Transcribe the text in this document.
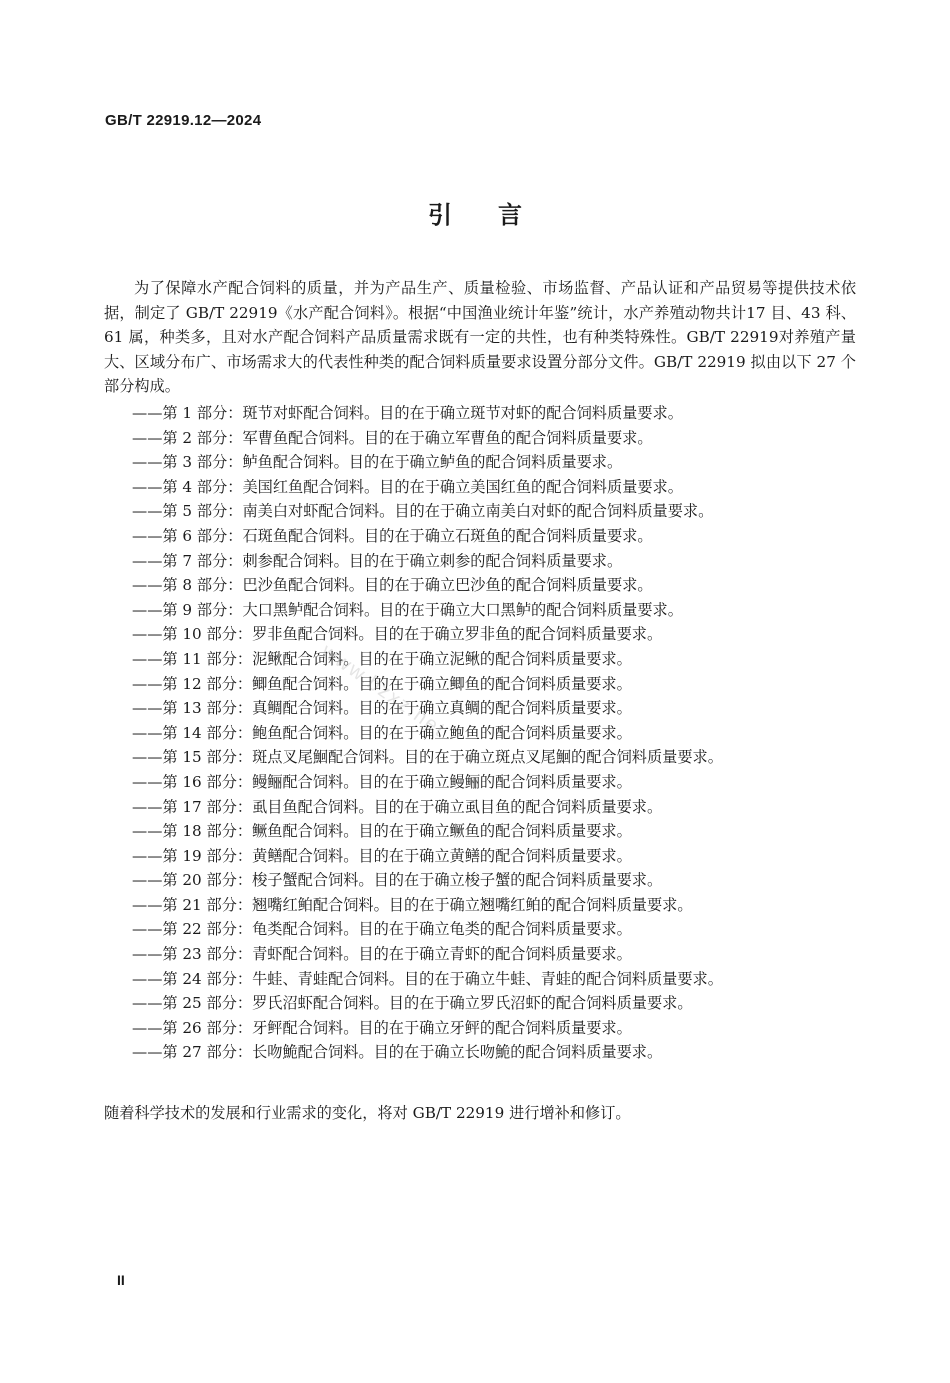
GB/T 22919.12—2024
引言

为了保障水产配合饲料的质量，并为产品生产、质量检验、市场监督、产品认证和产品贸易等提供技术依据，制定了 GB/T 22919《水产配合饲料》。根据“中国渔业统计年鉴”统计，水产养殖动物共计17 目、43 科、61 属，种类多，且对水产配合饲料产品质量需求既有一定的共性，也有种类特殊性。GB/T 22919对养殖产量大、区域分布广、市场需求大的代表性种类的配合饲料质量要求设置分部分文件。GB/T 22919 拟由以下 27 个部分构成。

——第 1 部分：斑节对虾配合饲料。目的在于确立斑节对虾的配合饲料质量要求。
——第 2 部分：军曹鱼配合饲料。目的在于确立军曹鱼的配合饲料质量要求。
——第 3 部分：鲈鱼配合饲料。目的在于确立鲈鱼的配合饲料质量要求。
——第 4 部分：美国红鱼配合饲料。目的在于确立美国红鱼的配合饲料质量要求。
——第 5 部分：南美白对虾配合饲料。目的在于确立南美白对虾的配合饲料质量要求。
——第 6 部分：石斑鱼配合饲料。目的在于确立石斑鱼的配合饲料质量要求。
——第 7 部分：刺参配合饲料。目的在于确立刺参的配合饲料质量要求。
——第 8 部分：巴沙鱼配合饲料。目的在于确立巴沙鱼的配合饲料质量要求。
——第 9 部分：大口黑鲈配合饲料。目的在于确立大口黑鲈的配合饲料质量要求。
——第 10 部分：罗非鱼配合饲料。目的在于确立罗非鱼的配合饲料质量要求。
——第 11 部分：泥鳅配合饲料。目的在于确立泥鳅的配合饲料质量要求。
——第 12 部分：鲫鱼配合饲料。目的在于确立鲫鱼的配合饲料质量要求。
——第 13 部分：真鲷配合饲料。目的在于确立真鲷的配合饲料质量要求。
——第 14 部分：鲍鱼配合饲料。目的在于确立鲍鱼的配合饲料质量要求。
——第 15 部分：斑点叉尾鮰配合饲料。目的在于确立斑点叉尾鮰的配合饲料质量要求。
——第 16 部分：鳗鲡配合饲料。目的在于确立鳗鲡的配合饲料质量要求。
——第 17 部分：虱目鱼配合饲料。目的在于确立虱目鱼的配合饲料质量要求。
——第 18 部分：鳜鱼配合饲料。目的在于确立鳜鱼的配合饲料质量要求。
——第 19 部分：黄鳝配合饲料。目的在于确立黄鳝的配合饲料质量要求。
——第 20 部分：梭子蟹配合饲料。目的在于确立梭子蟹的配合饲料质量要求。
——第 21 部分：翘嘴红鲌配合饲料。目的在于确立翘嘴红鲌的配合饲料质量要求。
——第 22 部分：龟类配合饲料。目的在于确立龟类的配合饲料质量要求。
——第 23 部分：青虾配合饲料。目的在于确立青虾的配合饲料质量要求。
——第 24 部分：牛蛙、青蛙配合饲料。目的在于确立牛蛙、青蛙的配合饲料质量要求。
——第 25 部分：罗氏沼虾配合饲料。目的在于确立罗氏沼虾的配合饲料质量要求。
——第 26 部分：牙鲆配合饲料。目的在于确立牙鲆的配合饲料质量要求。
——第 27 部分：长吻鮠配合饲料。目的在于确立长吻鮠的配合饲料质量要求。

随着科学技术的发展和行业需求的变化，将对 GB/T 22919 进行增补和修订。

www.bzxz.net
II
